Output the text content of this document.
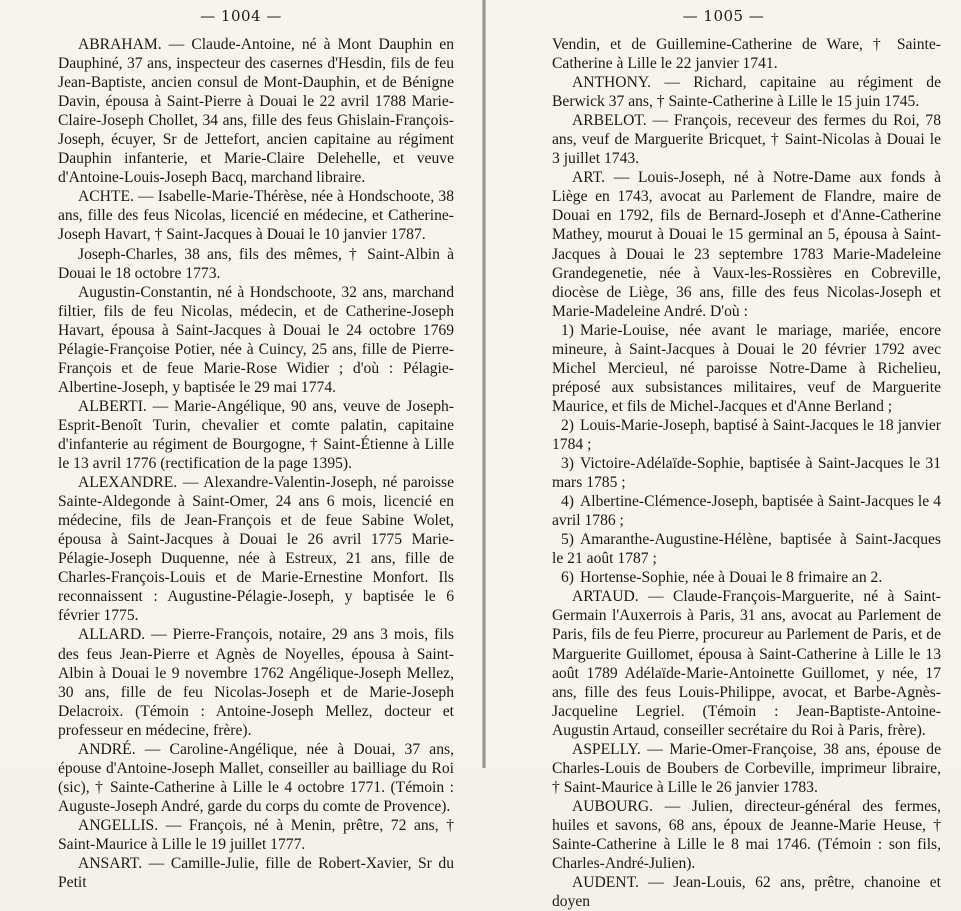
— 1004 —

ABRAHAM. — Claude-Antoine, né à Mont Dauphin en Dauphiné, 37 ans, inspecteur des casernes d'Hesdin, fils de feu Jean-Baptiste, ancien consul de Mont-Dauphin, et de Bénigne Davin, épousa à Saint-Pierre à Douai le 22 avril 1788 Marie-Claire-Joseph Chollet, 34 ans, fille des feus Ghislain-François-Joseph, écuyer, Sr de Jettefort, ancien capitaine au régiment Dauphin infanterie, et Marie-Claire Delehelle, et veuve d'Antoine-Louis-Joseph Bacq, marchand libraire.

ACHTE. — Isabelle-Marie-Thérèse, née à Hondschoote, 38 ans, fille des feus Nicolas, licencié en médecine, et Catherine-Joseph Havart, † Saint-Jacques à Douai le 10 janvier 1787.

Joseph-Charles, 38 ans, fils des mêmes, † Saint-Albin à Douai le 18 octobre 1773.

Augustin-Constantin, né à Hondschoote, 32 ans, marchand filtier, fils de feu Nicolas, médecin, et de Catherine-Joseph Havart, épousa à Saint-Jacques à Douai le 24 octobre 1769 Pélagie-Françoise Potier, née à Cuincy, 25 ans, fille de Pierre-François et de feue Marie-Rose Widier ; d'où : Pélagie-Albertine-Joseph, y baptisée le 29 mai 1774.

ALBERTI. — Marie-Angélique, 90 ans, veuve de Joseph-Esprit-Benoît Turin, chevalier et comte palatin, capitaine d'infanterie au régiment de Bourgogne, † Saint-Étienne à Lille le 13 avril 1776 (rectification de la page 1395).

ALEXANDRE. — Alexandre-Valentin-Joseph, né paroisse Sainte-Aldegonde à Saint-Omer, 24 ans 6 mois, licencié en médecine, fils de Jean-François et de feue Sabine Wolet, épousa à Saint-Jacques à Douai le 26 avril 1775 Marie-Pélagie-Joseph Duquenne, née à Estreux, 21 ans, fille de Charles-François-Louis et de Marie-Ernestine Monfort. Ils reconnaissent : Augustine-Pélagie-Joseph, y baptisée le 6 février 1775.

ALLARD. — Pierre-François, notaire, 29 ans 3 mois, fils des feus Jean-Pierre et Agnès de Noyelles, épousa à Saint-Albin à Douai le 9 novembre 1762 Angélique-Joseph Mellez, 30 ans, fille de feu Nicolas-Joseph et de Marie-Joseph Delacroix. (Témoin : Antoine-Joseph Mellez, docteur et professeur en médecine, frère).

ANDRÉ. — Caroline-Angélique, née à Douai, 37 ans, épouse d'Antoine-Joseph Mallet, conseiller au bailliage du Roi (sic), † Sainte-Catherine à Lille le 4 octobre 1771. (Témoin : Auguste-Joseph André, garde du corps du comte de Provence).

ANGELLIS. — François, né à Menin, prêtre, 72 ans, † Saint-Maurice à Lille le 19 juillet 1777.

ANSART. — Camille-Julie, fille de Robert-Xavier, Sr du Petit

— 1005 —

Vendin, et de Guillemine-Catherine de Ware, † Sainte-Catherine à Lille le 22 janvier 1741.

ANTHONY. — Richard, capitaine au régiment de Berwick 37 ans, † Sainte-Catherine à Lille le 15 juin 1745.

ARBELOT. — François, receveur des fermes du Roi, 78 ans, veuf de Marguerite Bricquet, † Saint-Nicolas à Douai le 3 juillet 1743.

ART. — Louis-Joseph, né à Notre-Dame aux fonds à Liège en 1743, avocat au Parlement de Flandre, maire de Douai en 1792, fils de Bernard-Joseph et d'Anne-Catherine Mathey, mourut à Douai le 15 germinal an 5, épousa à Saint-Jacques à Douai le 23 septembre 1783 Marie-Madeleine Grandegenetie, née à Vaux-les-Rossières en Cobreville, diocèse de Liège, 36 ans, fille des feus Nicolas-Joseph et Marie-Madeleine André. D'où :

1) Marie-Louise, née avant le mariage, mariée, encore mineure, à Saint-Jacques à Douai le 20 février 1792 avec Michel Mercieul, né paroisse Notre-Dame à Richelieu, préposé aux subsistances militaires, veuf de Marguerite Maurice, et fils de Michel-Jacques et d'Anne Berland ;

2) Louis-Marie-Joseph, baptisé à Saint-Jacques le 18 janvier 1784 ;

3) Victoire-Adélaïde-Sophie, baptisée à Saint-Jacques le 31 mars 1785 ;

4) Albertine-Clémence-Joseph, baptisée à Saint-Jacques le 4 avril 1786 ;

5) Amaranthe-Augustine-Hélène, baptisée à Saint-Jacques le 21 août 1787 ;

6) Hortense-Sophie, née à Douai le 8 frimaire an 2.

ARTAUD. — Claude-François-Marguerite, né à Saint-Germain l'Auxerrois à Paris, 31 ans, avocat au Parlement de Paris, fils de feu Pierre, procureur au Parlement de Paris, et de Marguerite Guillomet, épousa à Saint-Catherine à Lille le 13 août 1789 Adélaïde-Marie-Antoinette Guillomet, y née, 17 ans, fille des feus Louis-Philippe, avocat, et Barbe-Agnès-Jacqueline Legriel. (Témoin : Jean-Baptiste-Antoine-Augustin Artaud, conseiller secrétaire du Roi à Paris, frère).

ASPELLY. — Marie-Omer-Françoise, 38 ans, épouse de Charles-Louis de Boubers de Corbeville, imprimeur libraire, † Saint-Maurice à Lille le 26 janvier 1783.

AUBOURG. — Julien, directeur-général des fermes, huiles et savons, 68 ans, époux de Jeanne-Marie Heuse, † Sainte-Catherine à Lille le 8 mai 1746. (Témoin : son fils, Charles-André-Julien).

AUDENT. — Jean-Louis, 62 ans, prêtre, chanoine et doyen
